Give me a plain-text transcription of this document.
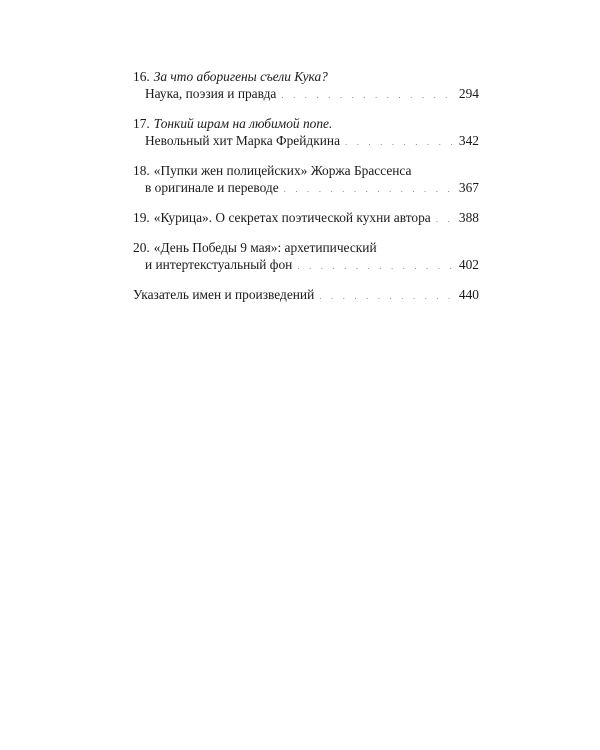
16. За что аборигены съели Кука?
Наука, поэзия и правда . . .	294
17. Тонкий шрам на любимой попе.
Невольный хит Марка Фрейдкина . . .	342
18. «Пупки жен полицейских» Жоржа Брассенса
в оригинале и переводе . . .	367
19. «Курица». О секретах поэтической кухни автора . . . 388
20. «День Победы 9 мая»: архетипический
и интертекстуальный фон . . .	402
Указатель имен и произведений . . .	440
